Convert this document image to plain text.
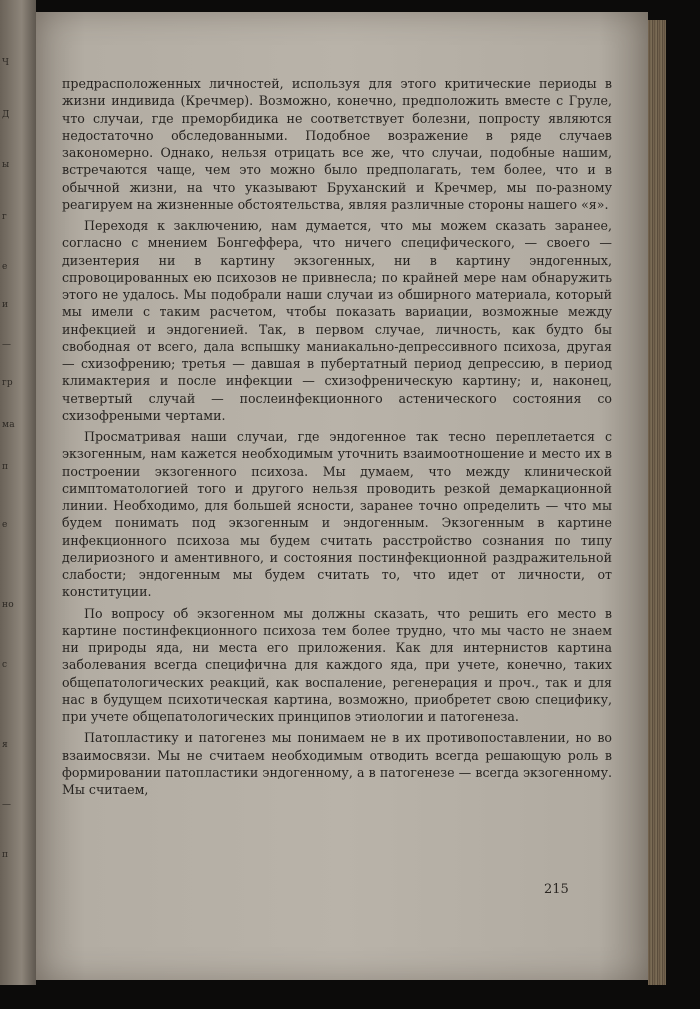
Ч
Д
ы
г
е
и
—
гр
ма
п
е
но
с
я
—
п

предрасположенных личностей, используя для этого критические периоды в жизни индивида (Кречмер). Возможно, конечно, предположить вместе с Груле, что случаи, где преморбидика не соответствует болезни, попросту являются недостаточно обследованными. Подобное возражение в ряде случаев закономерно. Однако, нельзя отрицать все же, что случаи, подобные нашим, встречаются чаще, чем это можно было предполагать, тем более, что и в обычной жизни, на что указывают Бруханский и Кречмер, мы по-разному реагируем на жизненные обстоятельства, являя различные стороны нашего «я».

Переходя к заключению, нам думается, что мы можем сказать заранее, согласно с мнением Бонгеффера, что ничего специфического, — своего — дизентерия ни в картину экзогенных, ни в картину эндогенных, спровоцированных ею психозов не привнесла; по крайней мере нам обнаружить этого не удалось. Мы подобрали наши случаи из обширного материала, который мы имели с таким расчетом, чтобы показать вариации, возможные между инфекцией и эндогенией. Так, в первом случае, личность, как будто бы свободная от всего, дала вспышку маниакально-депрессивного психоза, другая — схизофрению; третья — давшая в пубертатный период депрессию, в период климактерия и после инфекции — схизофреническую картину; и, наконец, четвертый случай — послеинфекционного астенического состояния со схизофреными чертами.

Просматривая наши случаи, где эндогенное так тесно переплетается с экзогенным, нам кажется необходимым уточнить взаимоотношение и место их в построении экзогенного психоза. Мы думаем, что между клинической симптоматологией того и другого нельзя проводить резкой демаркационной линии. Необходимо, для большей ясности, заранее точно определить — что мы будем понимать под экзогенным и эндогенным. Экзогенным в картине инфекционного психоза мы будем считать расстройство сознания по типу делириозного и аментивного, и состояния постинфекционной раздражительной слабости; эндогенным мы будем считать то, что идет от личности, от конституции.

По вопросу об экзогенном мы должны сказать, что решить его место в картине постинфекционного психоза тем более трудно, что мы часто не знаем ни природы яда, ни места его приложения. Как для интернистов картина заболевания всегда специфична для каждого яда, при учете, конечно, таких общепатологических реакций, как воспаление, регенерация и проч., так и для нас в будущем психотическая картина, возможно, приобретет свою специфику, при учете общепатологических принципов этиологии и патогенеза.

Патопластику и патогенез мы понимаем не в их противопоставлении, но во взаимосвязи. Мы не считаем необходимым отводить всегда решающую роль в формировании патопластики эндогенному, а в патогенезе — всегда экзогенному. Мы считаем,

215
